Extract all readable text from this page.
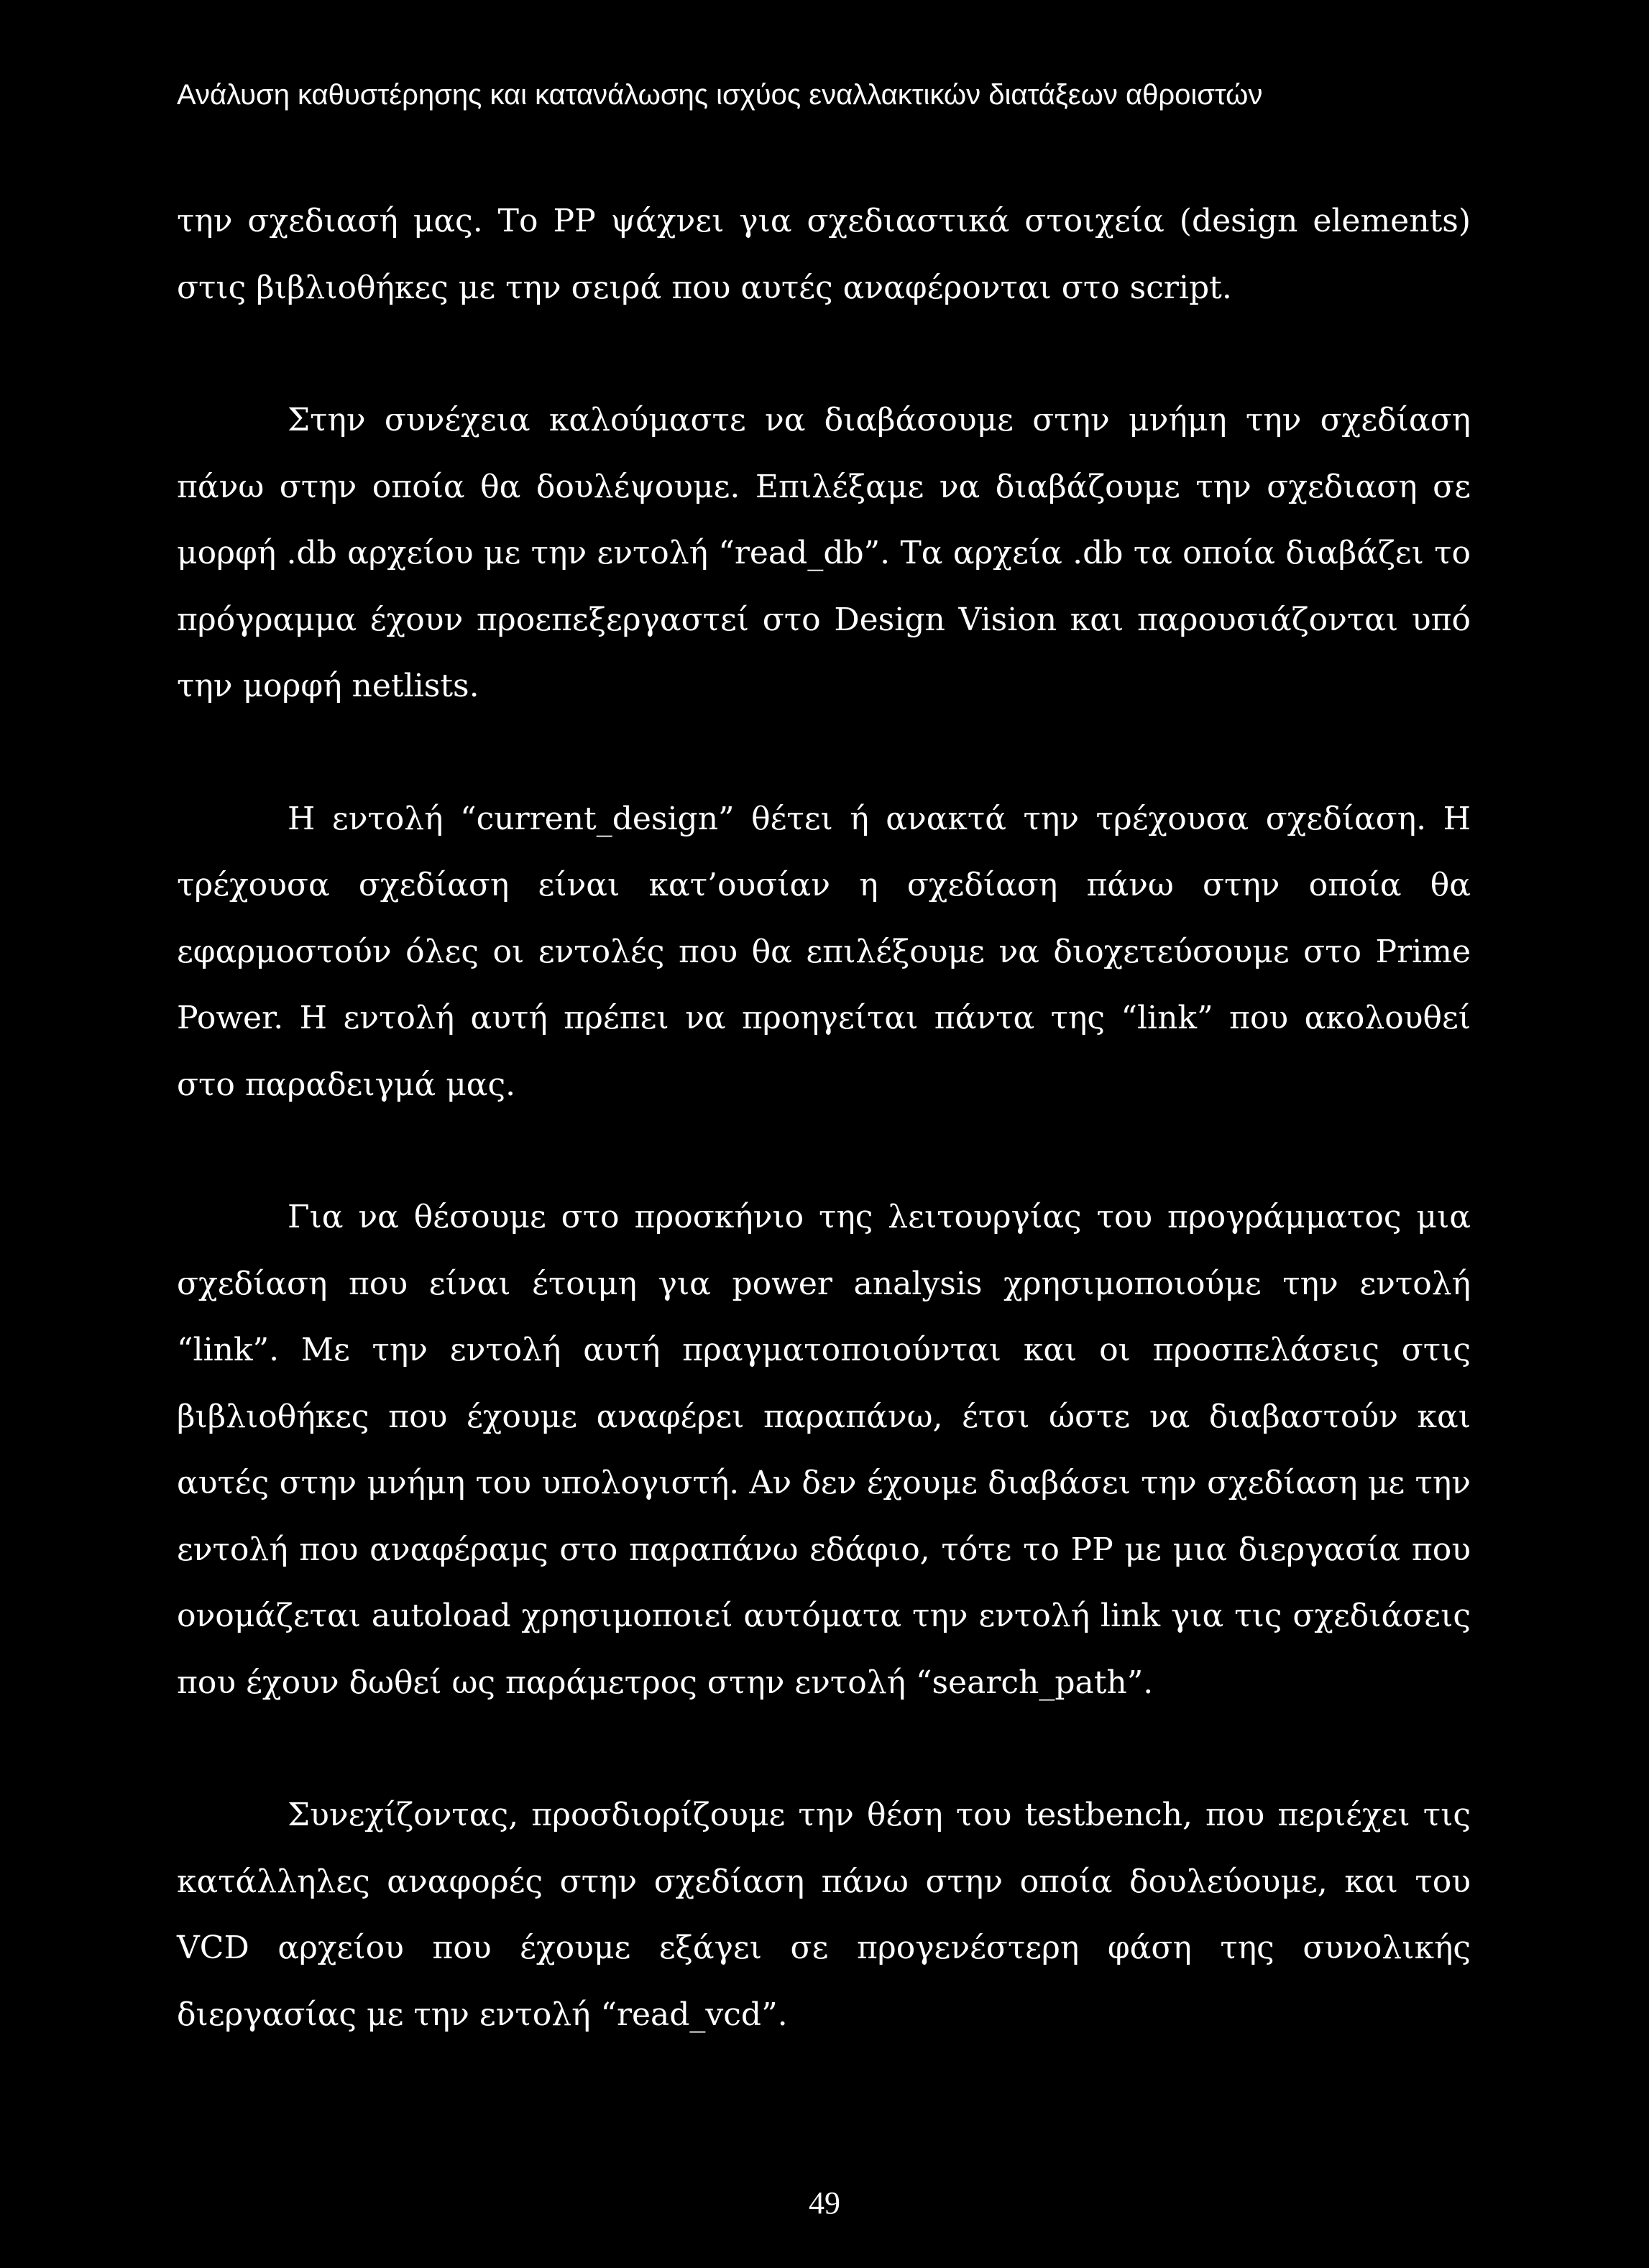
Ανάλυση καθυστέρησης και κατανάλωσης ισχύος εναλλακτικών διατάξεων αθροιστών

την σχεδιασή μας. Το PP ψάχνει για σχεδιαστικά στοιχεία (design elements) στις βιβλιοθήκες με την σειρά που αυτές αναφέρονται στο script.

Στην συνέχεια καλούμαστε να διαβάσουμε στην μνήμη την σχεδίαση πάνω στην οποία θα δουλέψουμε. Επιλέξαμε να διαβάζουμε την σχεδιαση σε μορφή .db αρχείου με την εντολή “read_db”. Τα αρχεία .db τα οποία διαβάζει το πρόγραμμα έχουν προεπεξεργαστεί στο Design Vision και παρουσιάζονται υπό την μορφή netlists.

Η εντολή “current_design” θέτει ή ανακτά την τρέχουσα σχεδίαση. Η τρέχουσα σχεδίαση είναι κατ’ουσίαν η σχεδίαση πάνω στην οποία θα εφαρμοστούν όλες οι εντολές που θα επιλέξουμε να διοχετεύσουμε στο Prime Power. Η εντολή αυτή πρέπει να προηγείται πάντα της “link” που ακολουθεί στο παραδειγμά μας.

Για να θέσουμε στο προσκήνιο της λειτουργίας του προγράμματος μια σχεδίαση που είναι έτοιμη για power analysis χρησιμοποιούμε την εντολή “link”. Με την εντολή αυτή πραγματοποιούνται και οι προσπελάσεις στις βιβλιοθήκες που έχουμε αναφέρει παραπάνω, έτσι ώστε να διαβαστούν και αυτές στην μνήμη του υπολογιστή. Αν δεν έχουμε διαβάσει την σχεδίαση με την εντολή που αναφέραμς στο παραπάνω εδάφιο, τότε το PP με μια διεργασία που ονομάζεται autoload χρησιμοποιεί αυτόματα την εντολή link για τις σχεδιάσεις που έχουν δωθεί ως παράμετρος στην εντολή “search_path”.

Συνεχίζοντας, προσδιορίζουμε την θέση του testbench, που περιέχει τις κατάλληλες αναφορές στην σχεδίαση πάνω στην οποία δουλεύουμε, και του VCD αρχείου που έχουμε εξάγει σε προγενέστερη φάση της συνολικής διεργασίας με την εντολή “read_vcd”.

49
